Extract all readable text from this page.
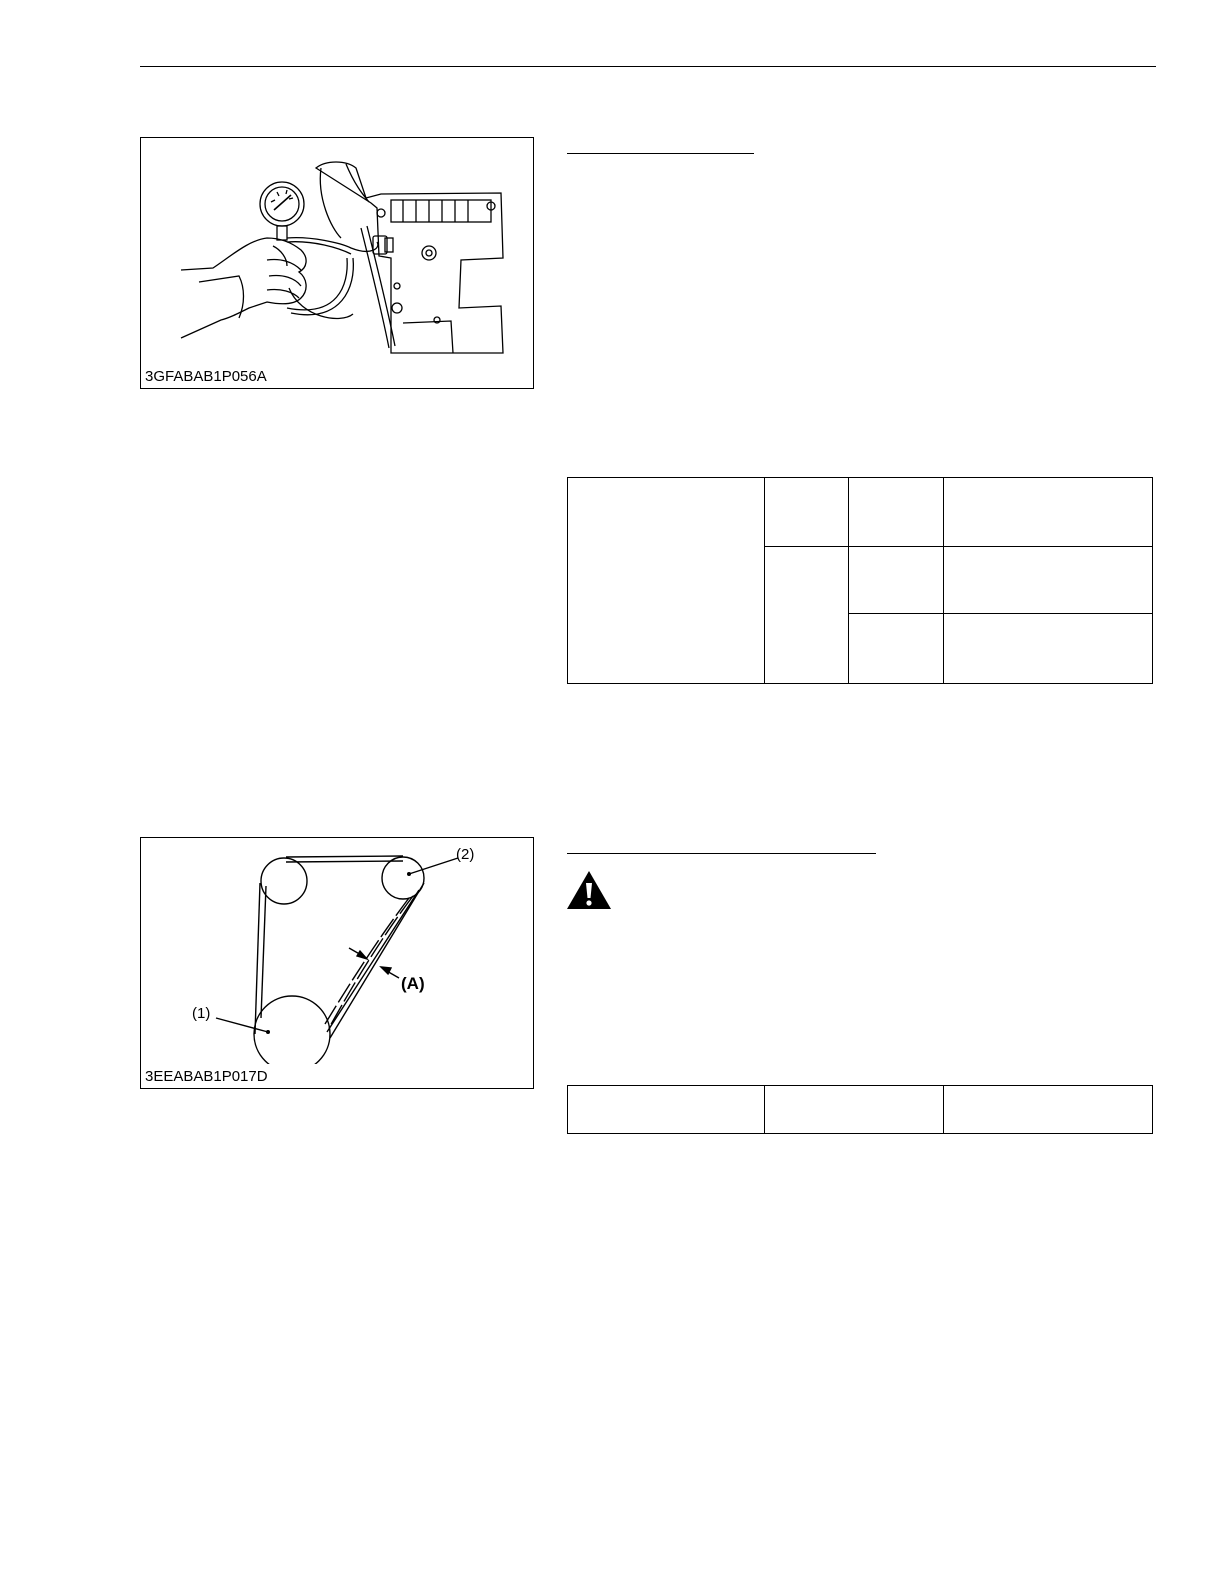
3GFABAB1P056A

(1)
(2)
(A)
3EEABAB1P017D
